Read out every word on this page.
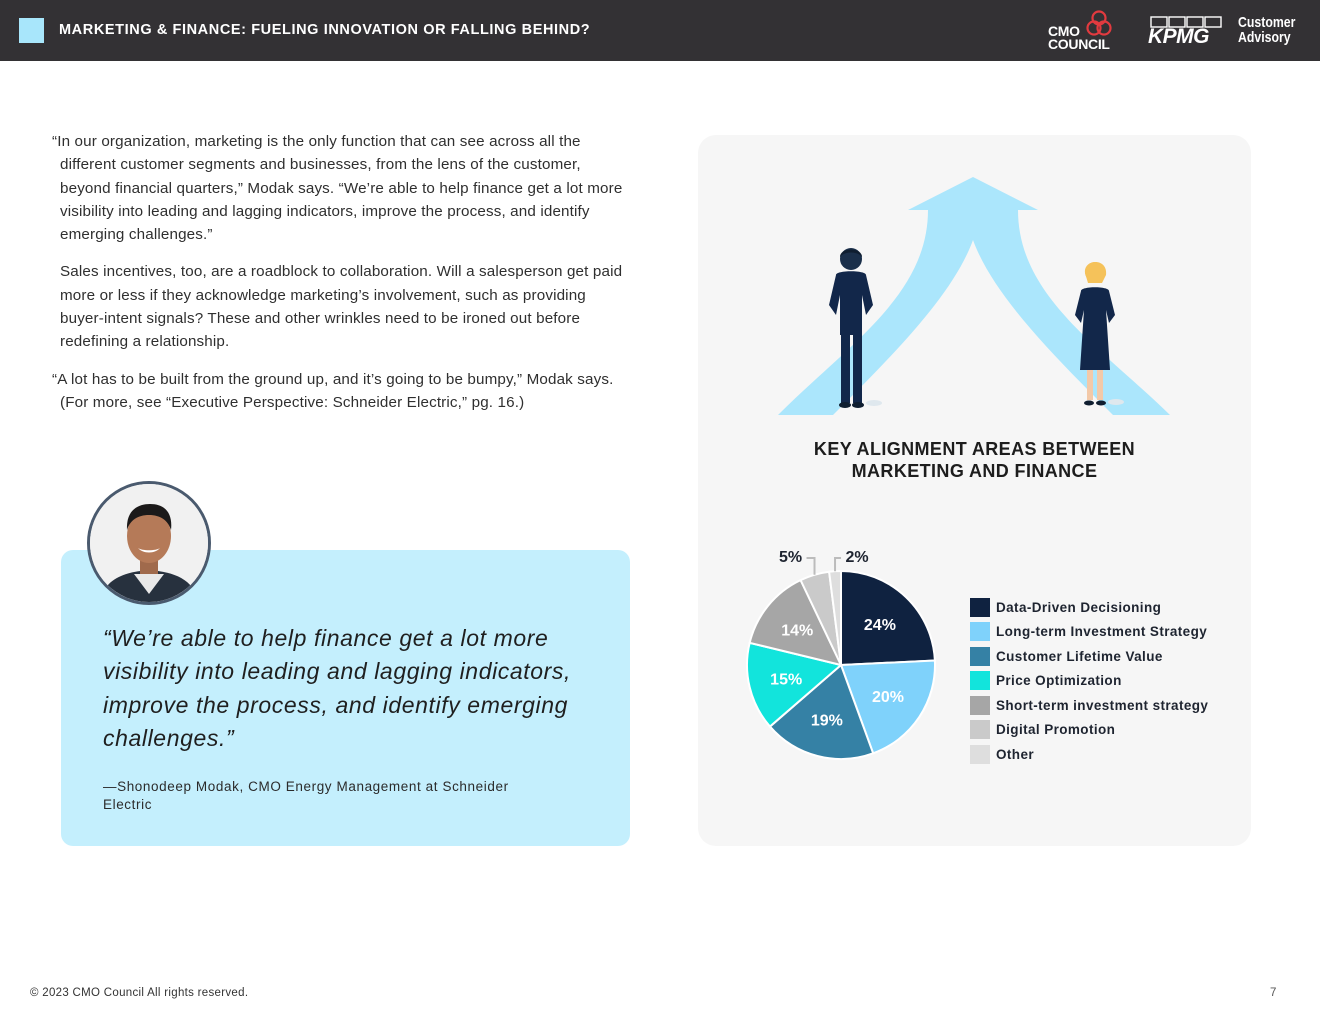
MARKETING & FINANCE: FUELING INNOVATION OR FALLING BEHIND?	CMO
COUNCIL KPMG
Customer
Advisory

“In our organization, marketing is the only function that can see across all the different customer segments and businesses, from the lens of the customer, beyond financial quarters,” Modak says. “We’re able to help finance get a lot more visibility into leading and lagging indicators, improve the process, and identify emerging challenges.”

Sales incentives, too, are a roadblock to collaboration. Will a salesperson get paid more or less if they acknowledge marketing’s involvement, such as providing buyer-intent signals? These and other wrinkles need to be ironed out before redefining a relationship.

“A lot has to be built from the ground up, and it’s going to be bumpy,” Modak says. (For more, see “Executive Perspective: Schneider Electric,” pg. 16.)

“We’re able to help finance get a lot more visibility into leading and lagging indicators, improve the process, and identify emerging challenges.”
—Shonodeep Modak, CMO Energy Management at Schneider Electric
KEY ALIGNMENT AREAS BETWEEN
MARKETING AND FINANCE
24%
20%
19%
15%
14%
5%	2%
Data-Driven Decisioning
Long-term Investment Strategy
Customer Lifetime Value
Price Optimization
Short-term investment strategy
Digital Promotion
Other
© 2023 CMO Council All rights reserved.	7
